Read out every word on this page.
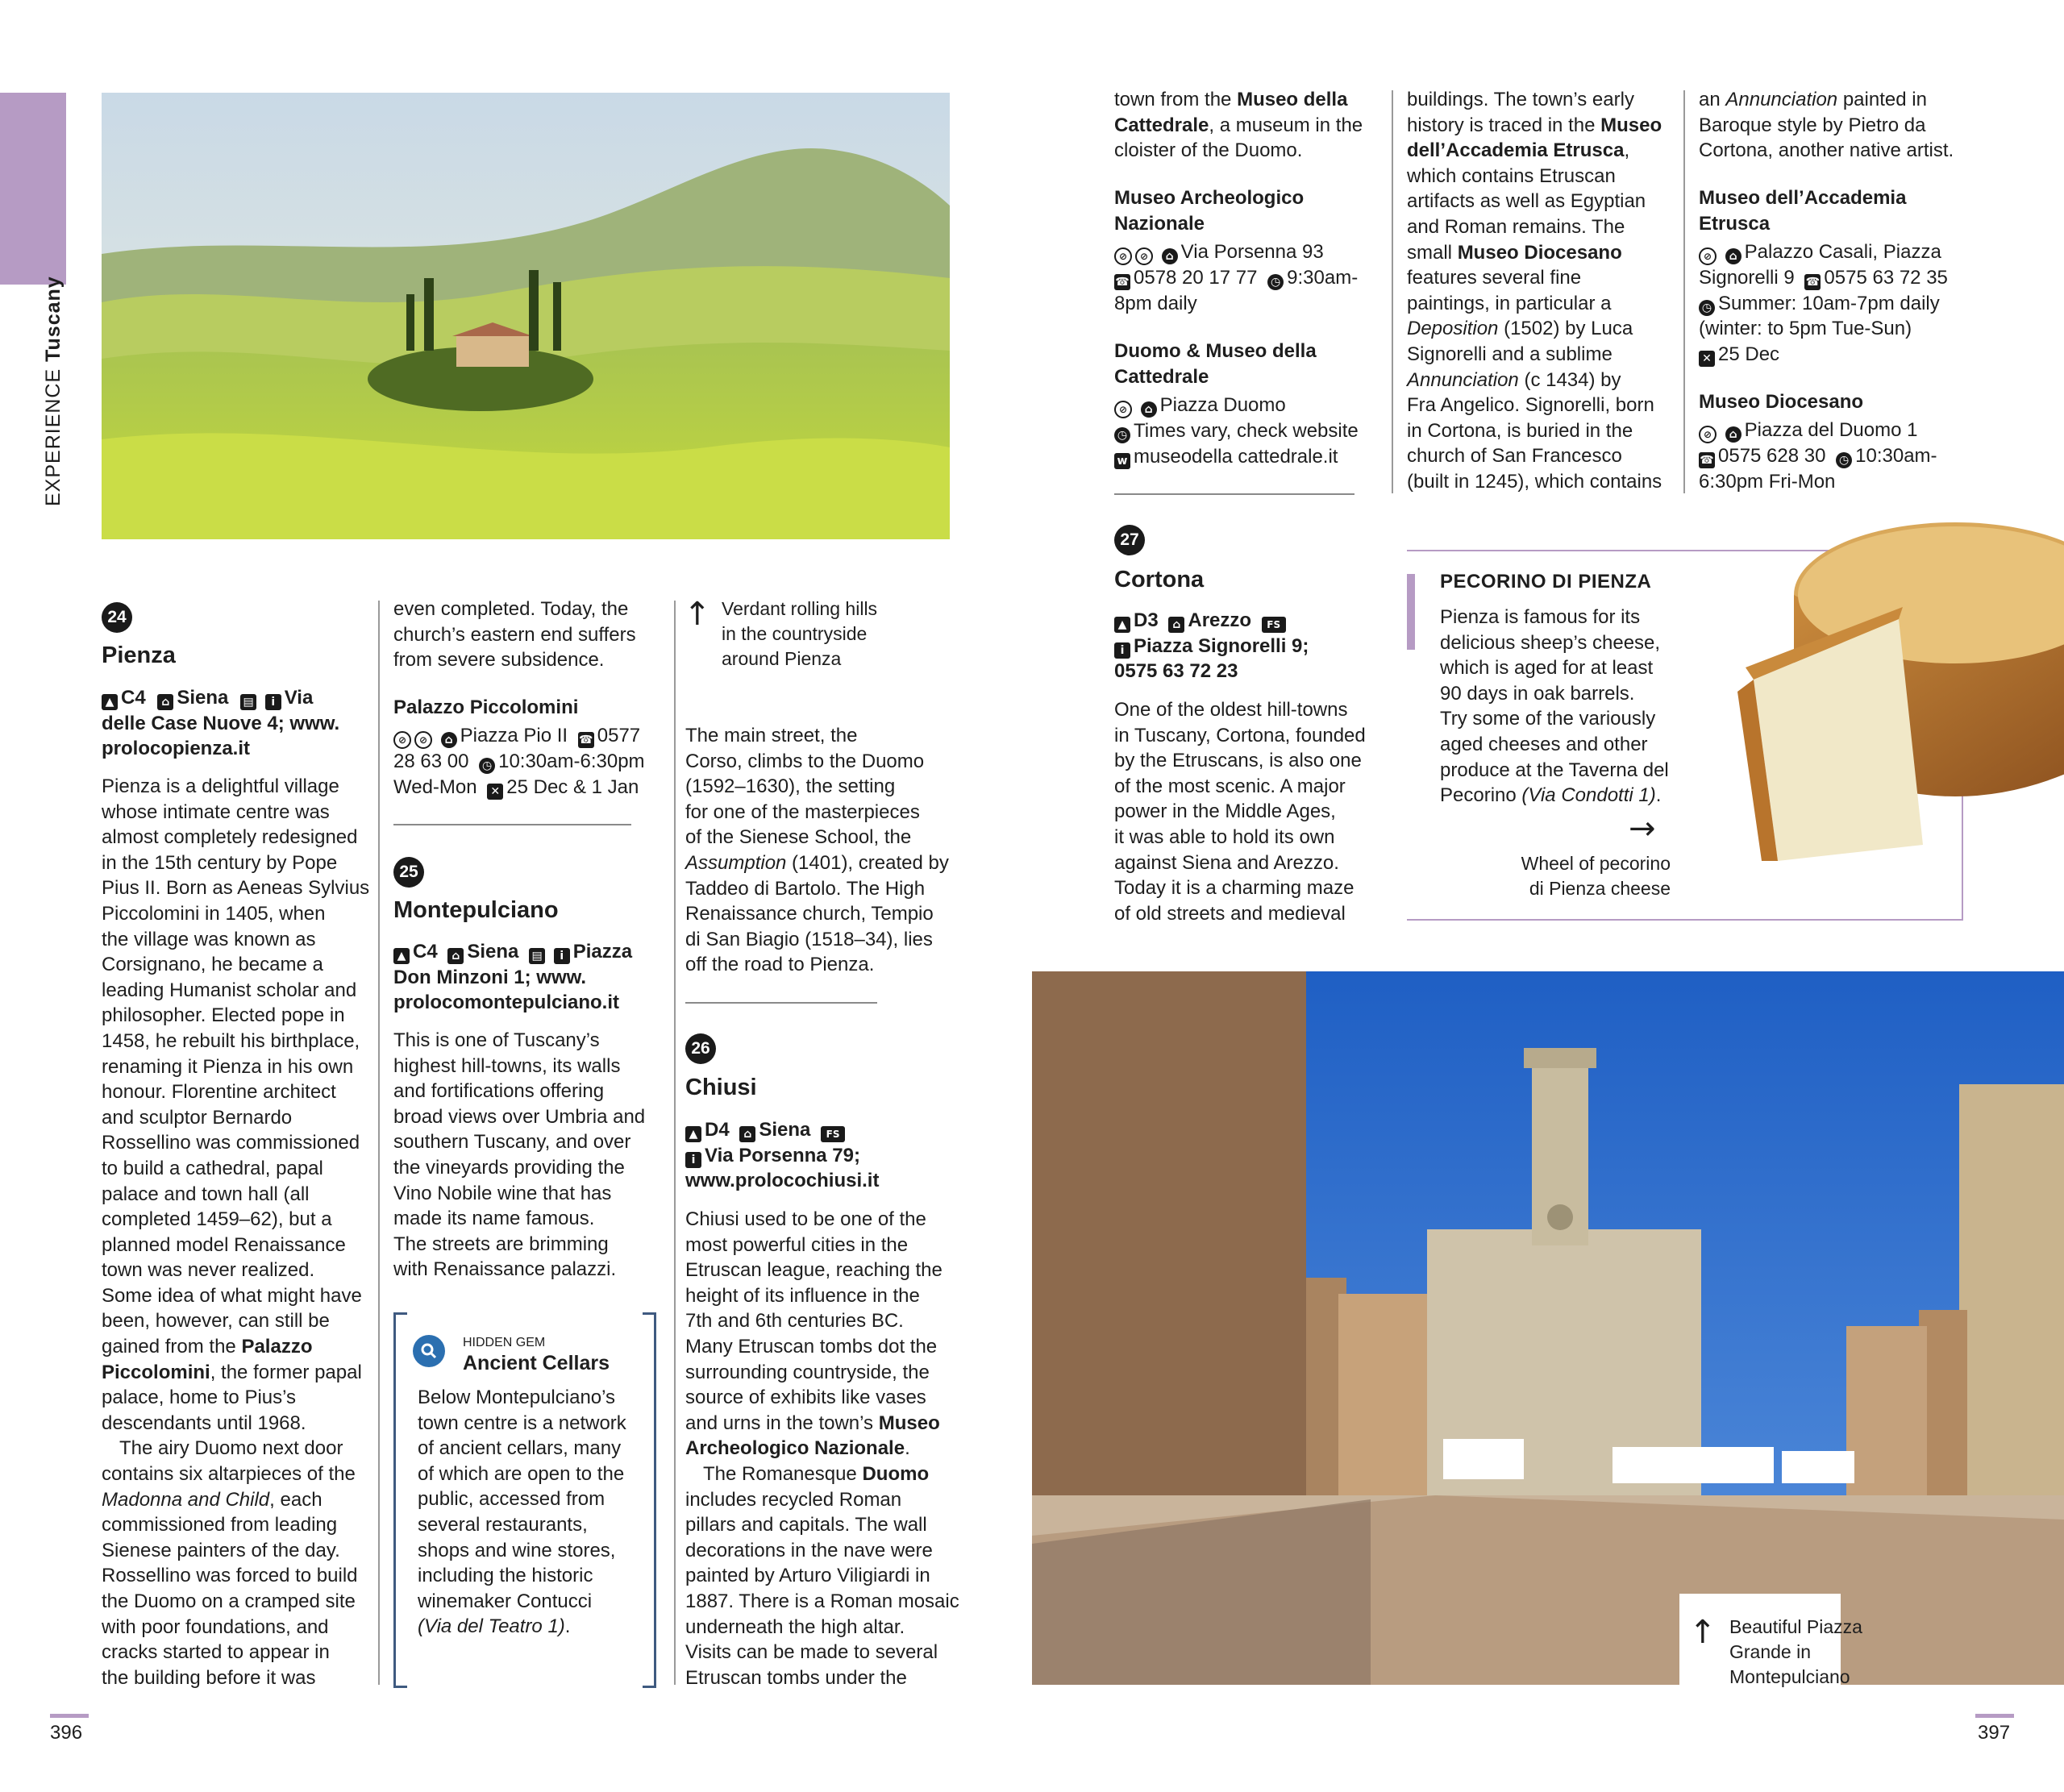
EXPERIENCE Tuscany
24
Pienza
▲ C4 ⌂ Siena ▤ i Via
delle Case Nuove 4; www.
prolocopienza.it
Pienza is a delightful village
whose intimate centre was
almost completely redesigned
in the 15th century by Pope
Pius II. Born as Aeneas Sylvius
Piccolomini in 1405, when
the village was known as
Corsignano, he became a
leading Humanist scholar and
philosopher. Elected pope in
1458, he rebuilt his birthplace,
renaming it Pienza in his own
honour. Florentine architect
and sculptor Bernardo
Rossellino was commissioned
to build a cathedral, papal
palace and town hall (all
completed 1459–62), but a
planned model Renaissance
town was never realized.
Some idea of what might have
been, however, can still be
gained from the Palazzo
Piccolomini, the former papal
palace, home to Pius’s
descendants until 1968.
The airy Duomo next door
contains six altarpieces of the
Madonna and Child, each
commissioned from leading
Sienese painters of the day.
Rossellino was forced to build
the Duomo on a cramped site
with poor foundations, and
cracks started to appear in
the building before it was
even completed. Today, the
church’s eastern end suffers
from severe subsidence.
Palazzo Piccolomini
⊘ ⊘ ⌂ Piazza Pio II ☎ 0577
28 63 00 ◷ 10:30am-6:30pm
Wed-Mon ✕ 25 Dec & 1 Jan
25
Montepulciano
▲ C4 ⌂ Siena ▤ i Piazza
Don Minzoni 1; www.
prolocomontepulciano.it
This is one of Tuscany’s
highest hill-towns, its walls
and fortifications offering
broad views over Umbria and
southern Tuscany, and over
the vineyards providing the
Vino Nobile wine that has
made its name famous.
The streets are brimming
with Renaissance palazzi.
HIDDEN GEM
Ancient Cellars
Below Montepulciano’s
town centre is a network
of ancient cellars, many
of which are open to the
public, accessed from
several restaurants,
shops and wine stores,
including the historic
winemaker Contucci
(Via del Teatro 1).
↑ Verdant rolling hills
in the countryside
around Pienza
The main street, the
Corso, climbs to the Duomo
(1592–1630), the setting
for one of the masterpieces
of the Sienese School, the
Assumption (1401), created by
Taddeo di Bartolo. The High
Renaissance church, Tempio
di San Biagio (1518–34), lies
off the road to Pienza.
26
Chiusi
▲ D4 ⌂ Siena FS
i Via Porsenna 79;
www.prolocochiusi.it
Chiusi used to be one of the
most powerful cities in the
Etruscan league, reaching the
height of its influence in the
7th and 6th centuries BC.
Many Etruscan tombs dot the
surrounding countryside, the
source of exhibits like vases
and urns in the town’s Museo
Archeologico Nazionale.
The Romanesque Duomo
includes recycled Roman
pillars and capitals. The wall
decorations in the nave were
painted by Arturo Viligiardi in
1887. There is a Roman mosaic
underneath the high altar.
Visits can be made to several
Etruscan tombs under the
396	397
town from the Museo della
Cattedrale, a museum in the
cloister of the Duomo.
Museo Archeologico
Nazionale
⊘ ⊘ ⌂ Via Porsenna 93
☎ 0578 20 17 77 ◷ 9:30am-
8pm daily
Duomo & Museo della
Cattedrale
⊘ ⌂ Piazza Duomo
◷ Times vary, check website
w museodella cattedrale.it
27
Cortona
▲ D3 ⌂ Arezzo FS
i Piazza Signorelli 9;
0575 63 72 23
One of the oldest hill-towns
in Tuscany, Cortona, founded
by the Etruscans, is also one
of the most scenic. A major
power in the Middle Ages,
it was able to hold its own
against Siena and Arezzo.
Today it is a charming maze
of old streets and medieval
buildings. The town’s early
history is traced in the Museo
dell’Accademia Etrusca,
which contains Etruscan
artifacts as well as Egyptian
and Roman remains. The
small Museo Diocesano
features several fine
paintings, in particular a
Deposition (1502) by Luca
Signorelli and a sublime
Annunciation (c 1434) by
Fra Angelico. Signorelli, born
in Cortona, is buried in the
church of San Francesco
(built in 1245), which contains
an Annunciation painted in
Baroque style by Pietro da
Cortona, another native artist.
Museo dell’Accademia
Etrusca
⊘ ⌂ Palazzo Casali, Piazza
Signorelli 9 ☎ 0575 63 72 35
◷ Summer: 10am-7pm daily
(winter: to 5pm Tue-Sun)
✕ 25 Dec
Museo Diocesano
⊘ ⌂ Piazza del Duomo 1
☎ 0575 628 30 ◷ 10:30am-
6:30pm Fri-Mon
PECORINO DI PIENZA
Pienza is famous for its
delicious sheep’s cheese,
which is aged for at least
90 days in oak barrels.
Try some of the variously
aged cheeses and other
produce at the Taverna del
Pecorino (Via Condotti 1).
→
Wheel of pecorino
di Pienza cheese
↑ Beautiful Piazza
Grande in
Montepulciano
